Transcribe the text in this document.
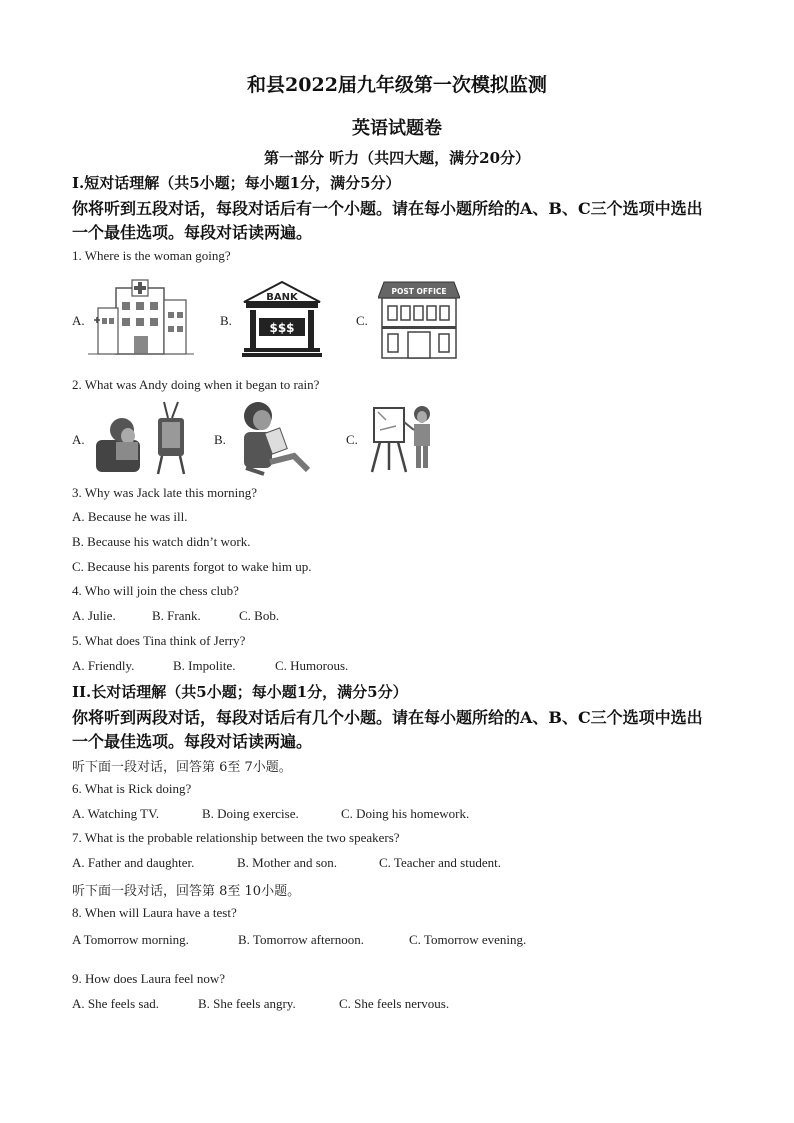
和县2022届九年级第一次模拟监测
英语试题卷
第一部分 听力（共四大题，满分20分）
I.短对话理解（共5小题；每小题1分，满分5分）
你将听到五段对话，每段对话后有一个小题。请在每小题所给的A、B、C三个选项中选出
一个最佳选项。每段对话读两遍。
1. Where is the woman going?
A.	B.
BANK
$$$	C.
POST OFFICE
2. What was Andy doing when it began to rain?
A.	B.	C.
3. Why was Jack late this morning?
A. Because he was ill.
B. Because his watch didn’t work.
C. Because his parents forgot to wake him up.
4. Who will join the chess club?
A. Julie.	B. Frank.	C. Bob.
5. What does Tina think of Jerry?
A. Friendly.	B. Impolite.	C. Humorous.
II.长对话理解（共5小题；每小题1分，满分5分）
你将听到两段对话，每段对话后有几个小题。请在每小题所给的A、B、C三个选项中选出
一个最佳选项。每段对话读两遍。
听下面一段对话，回答第 6至 7小题。
6. What is Rick doing?
A. Watching TV.	B. Doing exercise.	C. Doing his homework.
7. What is the probable relationship between the two speakers?
A. Father and daughter.	B. Mother and son.	C. Teacher and student.
听下面一段对话，回答第 8至 10小题。
8. When will Laura have a test?
A Tomorrow morning.	B. Tomorrow afternoon.	C. Tomorrow evening.
9. How does Laura feel now?
A. She feels sad.	B. She feels angry.	C. She feels nervous.
